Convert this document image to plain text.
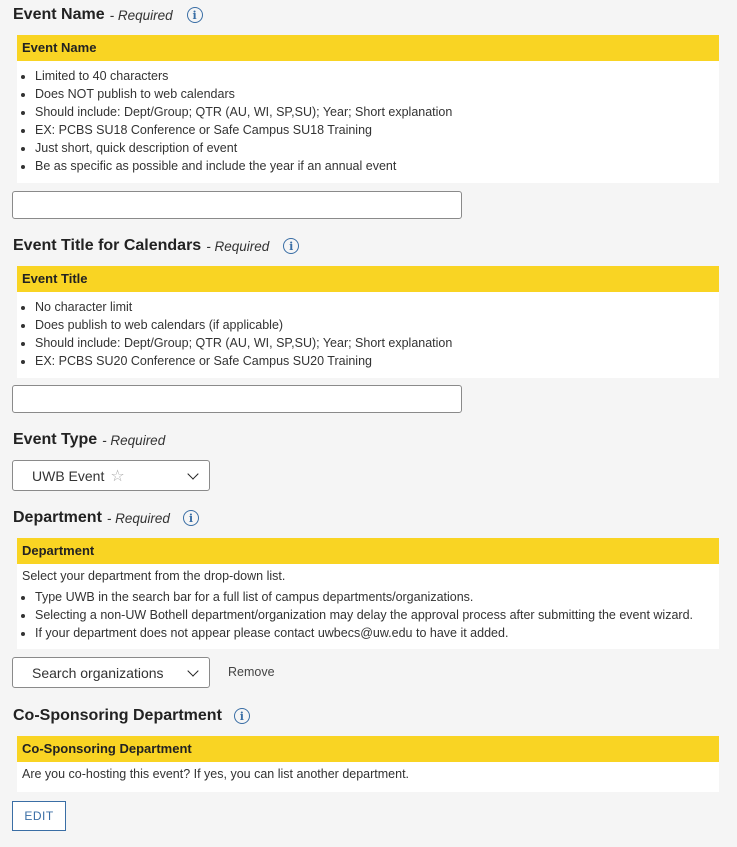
Event Name - Required	i
Event Name
• Limited to 40 characters
• Does NOT publish to web calendars
• Should include: Dept/Group; QTR (AU, WI, SP,SU); Year; Short explanation
• EX: PCBS SU18 Conference or Safe Campus SU18 Training
• Just short, quick description of event
• Be as specific as possible and include the year if an annual event
Event Title for Calendars - Required	i
Event Title
• No character limit
• Does publish to web calendars (if applicable)
• Should include: Dept/Group; QTR (AU, WI, SP,SU); Year; Short explanation
• EX: PCBS SU20 Conference or Safe Campus SU20 Training
Event Type - Required
UWB Event ☆
Department - Required	i
Department

Select your department from the drop-down list.

• Type UWB in the search bar for a full list of campus departments/organizations.
• Selecting a non-UW Bothell department/organization may delay the approval process after submitting the event wizard.
• If your department does not appear please contact uwbecs@uw.edu to have it added.
Search organizations	Remove
Co-Sponsoring Department	i
Co-Sponsoring Department

Are you co-hosting this event? If yes, you can list another department.

EDIT
